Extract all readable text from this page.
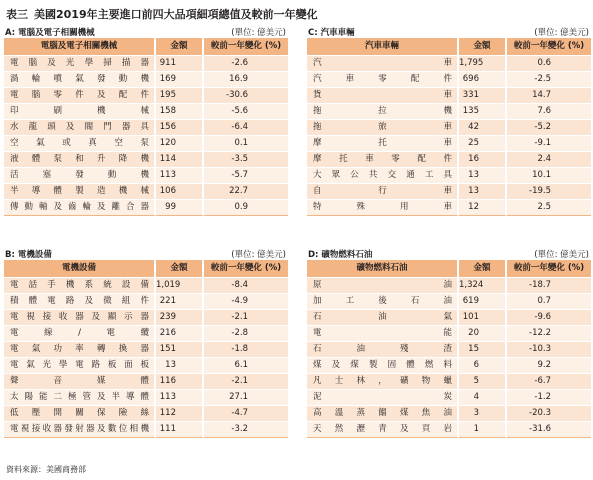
表三 美國2019年主要進口前四大品項細項總值及較前一年變化
A: 電腦及電子相關機械	(單位: 億美元)
電腦及電子相關機械	金額	較前一年變化 (%)
電腦及光學掃描器	911	-2.6
渦輪噴氣發動機	169	16.9
電腦零件及配件	195	-30.6
印刷機械	158	-5.6
水龍頭及閥門器具	156	-6.4
空氣或真空泵	120	0.1
液體泵和升降機	114	-3.5
活塞發動機	113	-5.7
半導體製造機械	106	22.7
傳動軸及齒輪及離合器	99	0.9
C: 汽車車輛	(單位: 億美元)
汽車車輛	金額	較前一年變化 (%)
汽車	1,795	0.6
汽車零配件	696	-2.5
貨車	331	14.7
拖拉機	135	7.6
拖旅車	42	-5.2
摩托車	25	-9.1
摩托車零配件	16	2.4
大眾公共交通工具	13	10.1
自行車	13	-19.5
特殊用車	12	2.5
B: 電機設備	(單位: 億美元)
電機設備	金額	較前一年變化 (%)
電話手機系統設備	1,019	-8.4
積體電路及微組件	221	-4.9
電視接收器及顯示器	239	-2.1
電線/電纜	216	-2.8
電氣功率轉換器	151	-1.8
電氣光學電路板面板	13	6.1
聲音媒體	116	-2.1
太陽能二極管及半導體	113	27.1
低壓開關保險絲	112	-4.7
電視接收器發射器及數位相機	111	-3.2
D: 礦物燃料石油	(單位: 億美元)
礦物燃料石油	金額	較前一年變化 (%)
原油	1,324	-18.7
加工後石油	619	0.7
石油氣	101	-9.6
電能	20	-12.2
石油殘渣	15	-10.3
煤及煤製固體燃料	6	9.2
凡士林，礦物蠟	5	-6.7
泥炭	4	-1.2
高溫蒸餾煤焦油	3	-20.3
天然瀝青及頁岩	1	-31.6
資料來源：美國商務部
